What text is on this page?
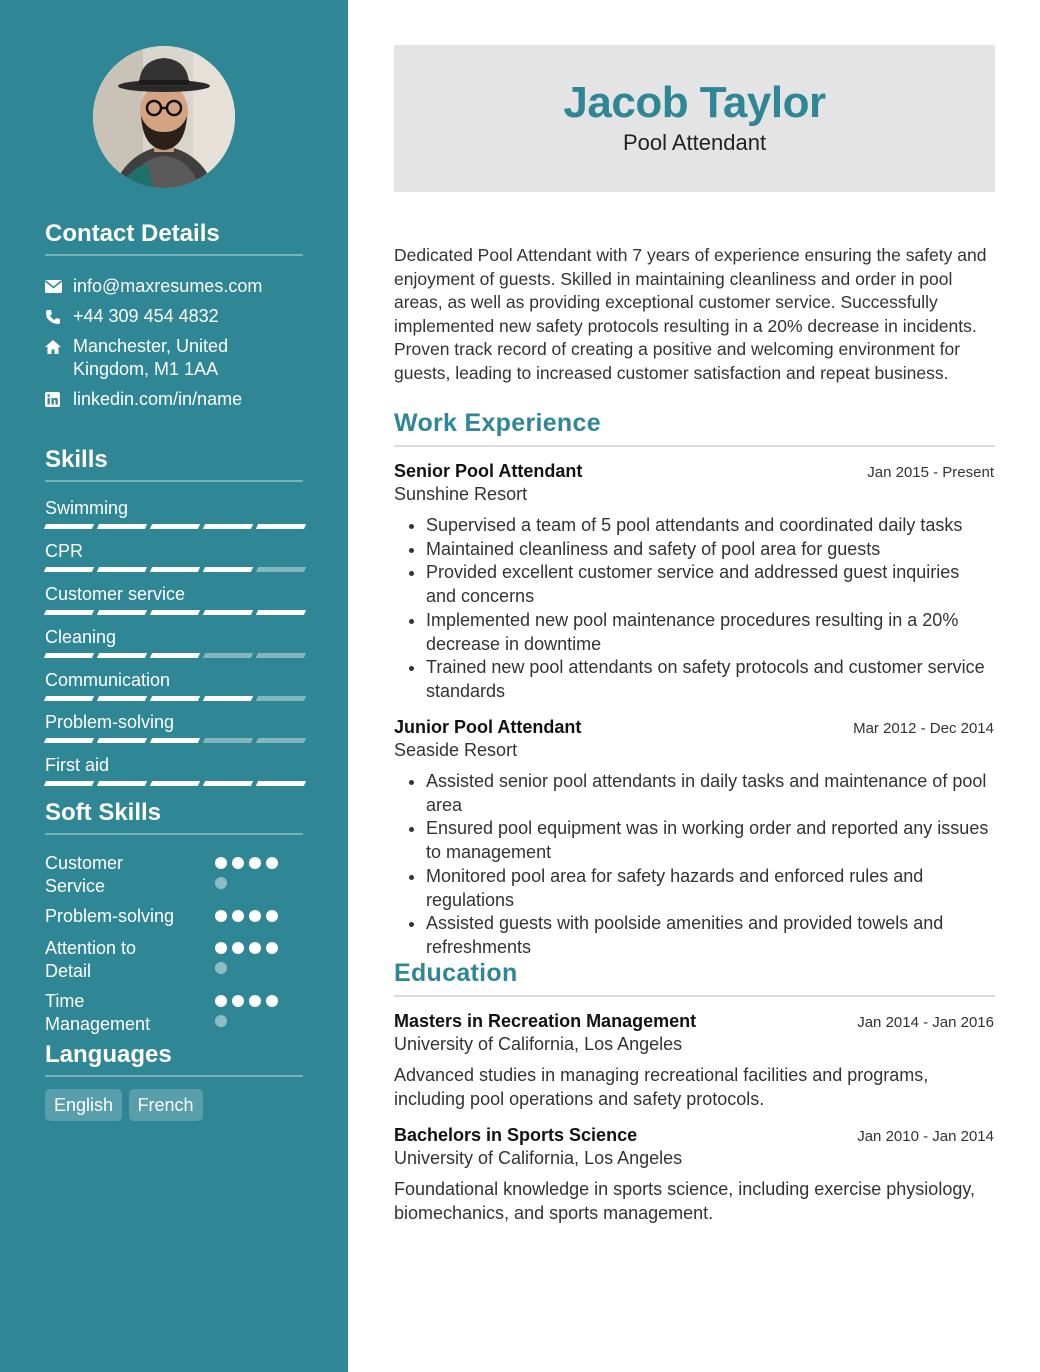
Contact Details
info@maxresumes.com
+44 309 454 4832
Manchester, United
Kingdom, M1 1AA
linkedin.com/in/name
Skills
Swimming
CPR
Customer service
Cleaning
Communication
Problem-solving
First aid
Soft Skills
Customer Service
Problem-solving
Attention to Detail
Time Management
Languages
English French
Jacob Taylor

Pool Attendant

Dedicated Pool Attendant with 7 years of experience ensuring the safety and enjoyment of guests. Skilled in maintaining cleanliness and order in pool areas, as well as providing exceptional customer service. Successfully implemented new safety protocols resulting in a 20% decrease in incidents. Proven track record of creating a positive and welcoming environment for guests, leading to increased customer satisfaction and repeat business.

Work Experience
Senior Pool Attendant	Jan 2015 - Present
Sunshine Resort
• Supervised a team of 5 pool attendants and coordinated daily tasks
• Maintained cleanliness and safety of pool area for guests
• Provided excellent customer service and addressed guest inquiries and concerns
• Implemented new pool maintenance procedures resulting in a 20% decrease in downtime
• Trained new pool attendants on safety protocols and customer service standards
Junior Pool Attendant	Mar 2012 - Dec 2014
Seaside Resort
• Assisted senior pool attendants in daily tasks and maintenance of pool area
• Ensured pool equipment was in working order and reported any issues to management
• Monitored pool area for safety hazards and enforced rules and regulations
• Assisted guests with poolside amenities and provided towels and refreshments
Education
Masters in Recreation Management	Jan 2014 - Jan 2016
University of California, Los Angeles
Advanced studies in managing recreational facilities and programs, including pool operations and safety protocols.
Bachelors in Sports Science	Jan 2010 - Jan 2014
University of California, Los Angeles
Foundational knowledge in sports science, including exercise physiology, biomechanics, and sports management.
